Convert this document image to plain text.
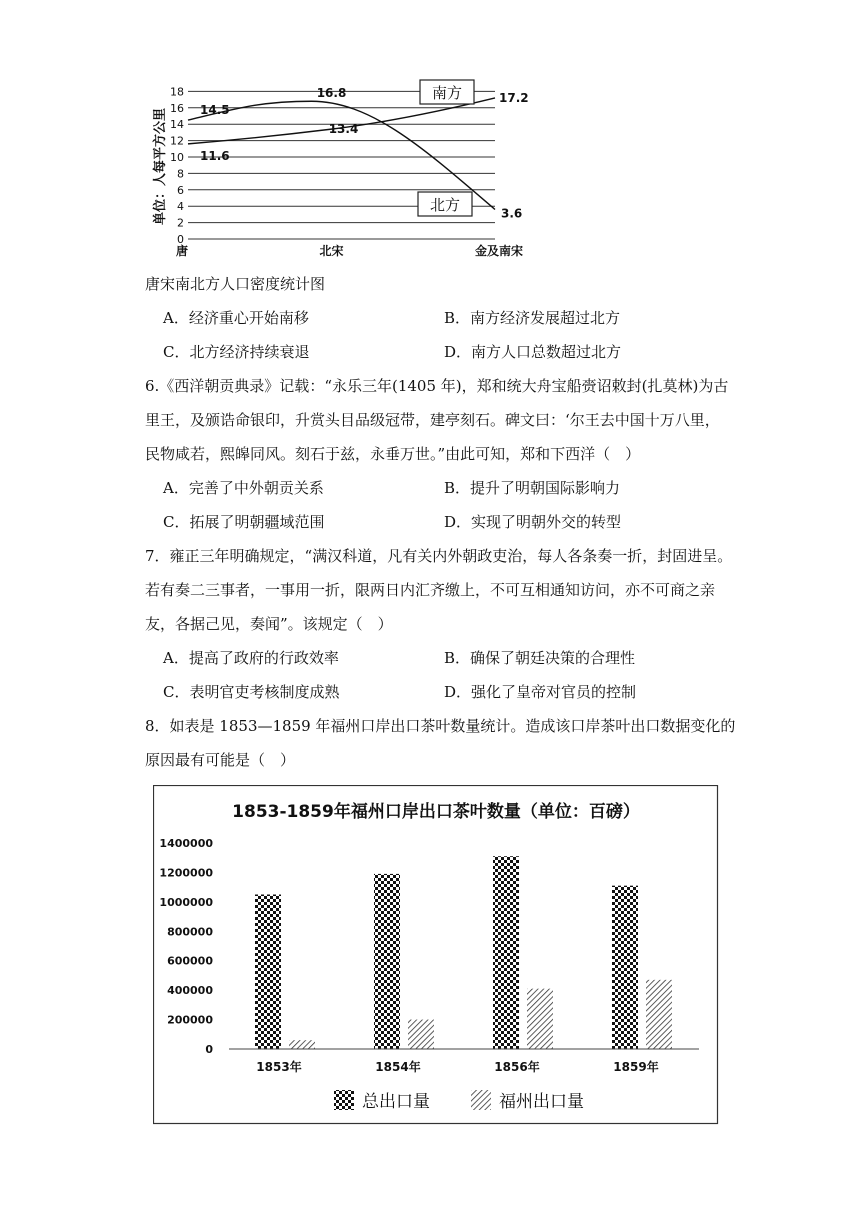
0
2
4
6
8
10
12
14
16
18
唐	北宋	金及南宋
14.5
16.8
11.6
13.4
17.2
3.6
南方
北方
单位：人每平方公里
唐宋南北方人口密度统计图
A．经济重心开始南移	B．南方经济发展超过北方
C．北方经济持续衰退	D．南方人口总数超过北方
6.《西洋朝贡典录》记载：“永乐三年(1405 年)，郑和统大舟宝船赍诏敕封(扎莫林)为古
里王，及颁诰命银印，升赏头目品级冠带，建亭刻石。碑文曰：‘尔王去中国十万八里，
民物咸若，熙皞同风。刻石于兹，永垂万世。”由此可知，郑和下西洋（　）
A．完善了中外朝贡关系	B．提升了明朝国际影响力
C．拓展了明朝疆域范围	D．实现了明朝外交的转型
7．雍正三年明确规定，“满汉科道，凡有关内外朝政吏治，每人各条奏一折，封固进呈。
若有奏二三事者，一事用一折，限两日内汇齐缴上，不可互相通知访问，亦不可商之亲
友，各据己见，奏闻”。该规定（　）
A．提高了政府的行政效率	B．确保了朝廷决策的合理性
C．表明官吏考核制度成熟	D．强化了皇帝对官员的控制
8．如表是 1853—1859 年福州口岸出口茶叶数量统计。造成该口岸茶叶出口数据变化的
原因最有可能是（　）
1853-1859年福州口岸出口茶叶数量（单位：百磅）
0
200000
400000
600000
800000
1000000
1200000
1400000
1853年	1854年	1856年	1859年
总出口量	福州出口量
